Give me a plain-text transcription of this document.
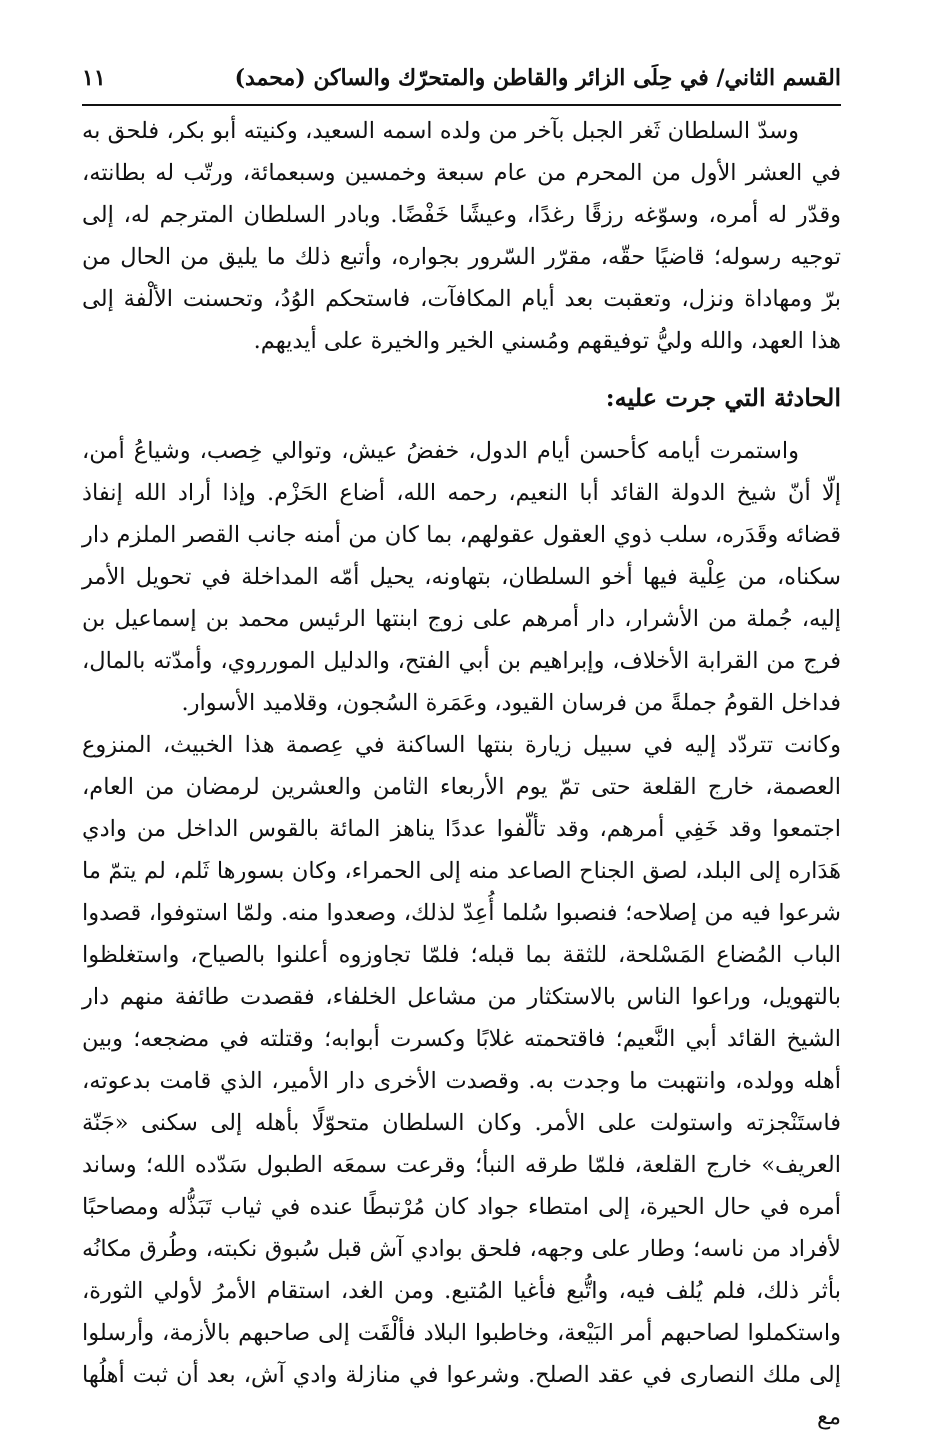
القسم الثاني/ في حِلَى الزائر والقاطن والمتحرّك والساكن (محمد)
١١

وسدّ السلطان ثَغر الجبل بآخر من ولده اسمه السعيد، وكنيته أبو بكر، فلحق به في العشر الأول من المحرم من عام سبعة وخمسين وسبعمائة، ورتّب له بطانته، وقدّر له أمره، وسوّغه رزقًا رغدًا، وعيشًا خَفْضًا. وبادر السلطان المترجم له، إلى توجيه رسوله؛ قاضيًا حقّه، مقرّر السّرور بجواره، وأتبع ذلك ما يليق من الحال من برّ ومهاداة ونزل، وتعقبت بعد أيام المكافآت، فاستحكم الوُدُ، وتحسنت الألْفة إلى هذا العهد، والله وليُّ توفيقهم ومُسني الخير والخيرة على أيديهم.

الحادثة التي جرت عليه:

واستمرت أيامه كأحسن أيام الدول، خفضُ عيش، وتوالي خِصب، وشياعُ أمن، إلّا أنّ شيخ الدولة القائد أبا النعيم، رحمه الله، أضاع الحَزْم. وإذا أراد الله إنفاذ قضائه وقَدَره، سلب ذوي العقول عقولهم، بما كان من أمنه جانب القصر الملزم دار سكناه، من عِلْية فيها أخو السلطان، بتهاونه، يحيل أمّه المداخلة في تحويل الأمر إليه، جُملة من الأشرار، دار أمرهم على زوج ابنتها الرئيس محمد بن إسماعيل بن فرج من القرابة الأخلاف، وإبراهيم بن أبي الفتح، والدليل المورروي، وأمدّته بالمال، فداخل القومُ جملةً من فرسان القيود، وعَمَرة السُجون، وقلاميد الأسوار.

وكانت تتردّد إليه في سبيل زيارة بنتها الساكنة في عِصمة هذا الخبيث، المنزوع العصمة، خارج القلعة حتى تمّ يوم الأربعاء الثامن والعشرين لرمضان من العام، اجتمعوا وقد خَفِي أمرهم، وقد تألّفوا عددًا يناهز المائة بالقوس الداخل من وادي هَدَاره إلى البلد، لصق الجناح الصاعد منه إلى الحمراء، وكان بسورها ثَلم، لم يتمّ ما شرعوا فيه من إصلاحه؛ فنصبوا سُلما أُعِدّ لذلك، وصعدوا منه. ولمّا استوفوا، قصدوا الباب المُضاع المَسْلحة، للثقة بما قبله؛ فلمّا تجاوزوه أعلنوا بالصياح، واستغلظوا بالتهويل، وراعوا الناس بالاستكثار من مشاعل الخلفاء، فقصدت طائفة منهم دار الشيخ القائد أبي النَّعيم؛ فاقتحمته غلابًا وكسرت أبوابه؛ وقتلته في مضجعه؛ وبين أهله وولده، وانتهبت ما وجدت به. وقصدت الأخرى دار الأمير، الذي قامت بدعوته، فاستَنْجزته واستولت على الأمر. وكان السلطان متحوّلًا بأهله إلى سكنى «جَنّة العريف» خارج القلعة، فلمّا طرقه النبأ؛ وقرعت سمعَه الطبول سَدّده الله؛ وساند أمره في حال الحيرة، إلى امتطاء جواد كان مُرْتبطًا عنده في ثياب تَبَذُّله ومصاحبًا لأفراد من ناسه؛ وطار على وجهه، فلحق بوادي آش قبل سُبوق نكبته، وطُرق مكانُه بأثر ذلك، فلم يُلف فيه، واتُّبع فأغيا المُتبع. ومن الغد، استقام الأمرُ لأولي الثورة، واستكملوا لصاحبهم أمر البَيْعة، وخاطبوا البلاد فألْقَت إلى صاحبهم بالأزمة، وأرسلوا إلى ملك النصارى في عقد الصلح. وشرعوا في منازلة وادي آش، بعد أن ثبت أهلُها مع
